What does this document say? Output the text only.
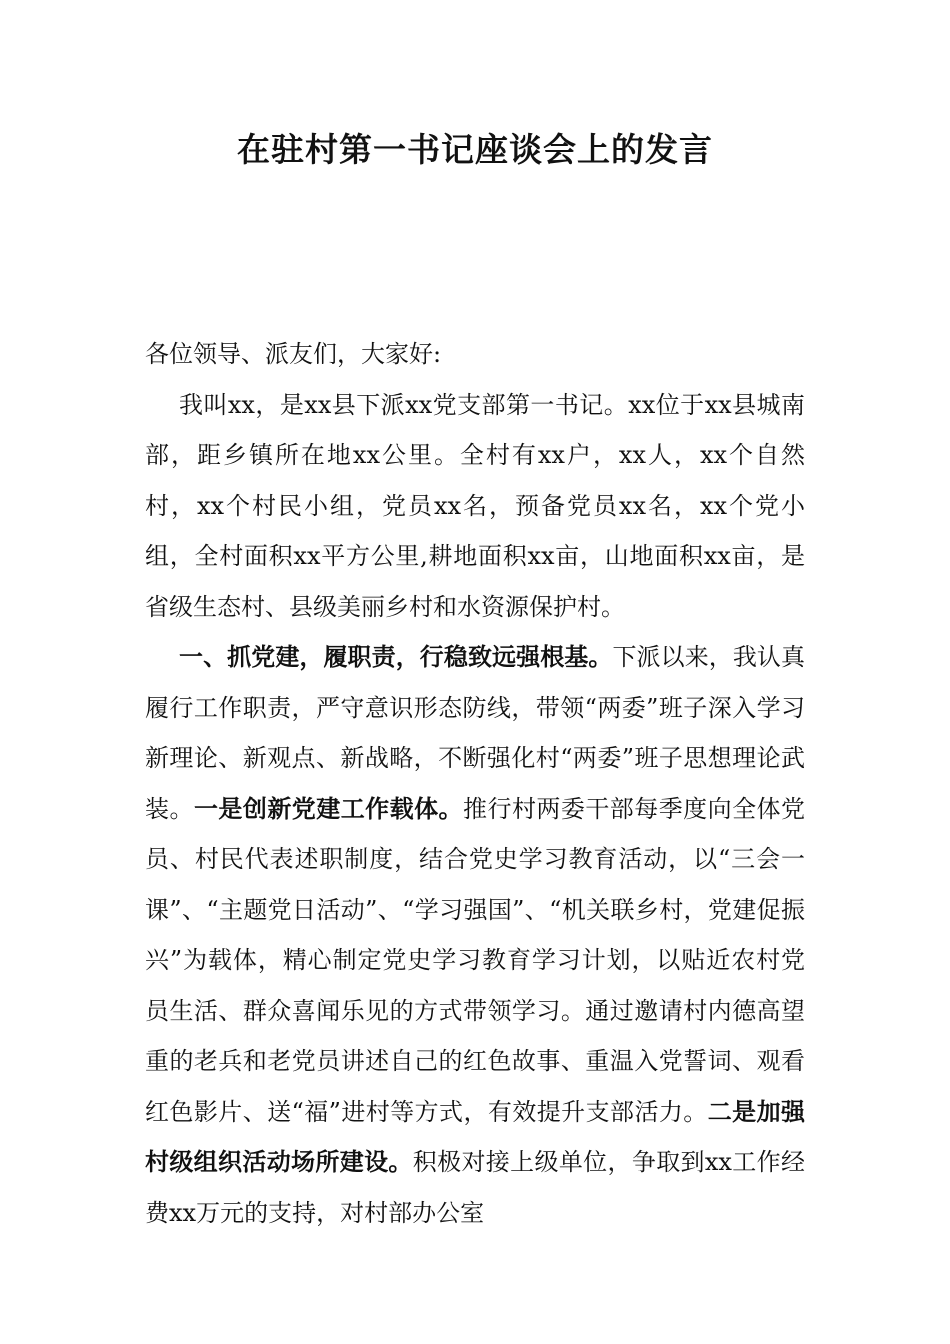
在驻村第一书记座谈会上的发言

各位领导、派友们，大家好:

我叫xx，是xx县下派xx党支部第一书记。xx位于xx县城南部，距乡镇所在地xx公里。全村有xx户，xx人，xx个自然村，xx个村民小组，党员xx名，预备党员xx名，xx个党小组，全村面积xx平方公里,耕地面积xx亩，山地面积xx亩，是省级生态村、县级美丽乡村和水资源保护村。

一、抓党建，履职责，行稳致远强根基。下派以来，我认真履行工作职责，严守意识形态防线，带领“两委”班子深入学习新理论、新观点、新战略，不断强化村“两委”班子思想理论武装。一是创新党建工作载体。推行村两委干部每季度向全体党员、村民代表述职制度，结合党史学习教育活动，以“三会一课”、“主题党日活动”、“学习强国”、“机关联乡村，党建促振兴”为载体，精心制定党史学习教育学习计划，以贴近农村党员生活、群众喜闻乐见的方式带领学习。通过邀请村内德高望重的老兵和老党员讲述自己的红色故事、重温入党誓词、观看红色影片、送“福”进村等方式，有效提升支部活力。二是加强村级组织活动场所建设。积极对接上级单位，争取到xx工作经费xx万元的支持，对村部办公室
